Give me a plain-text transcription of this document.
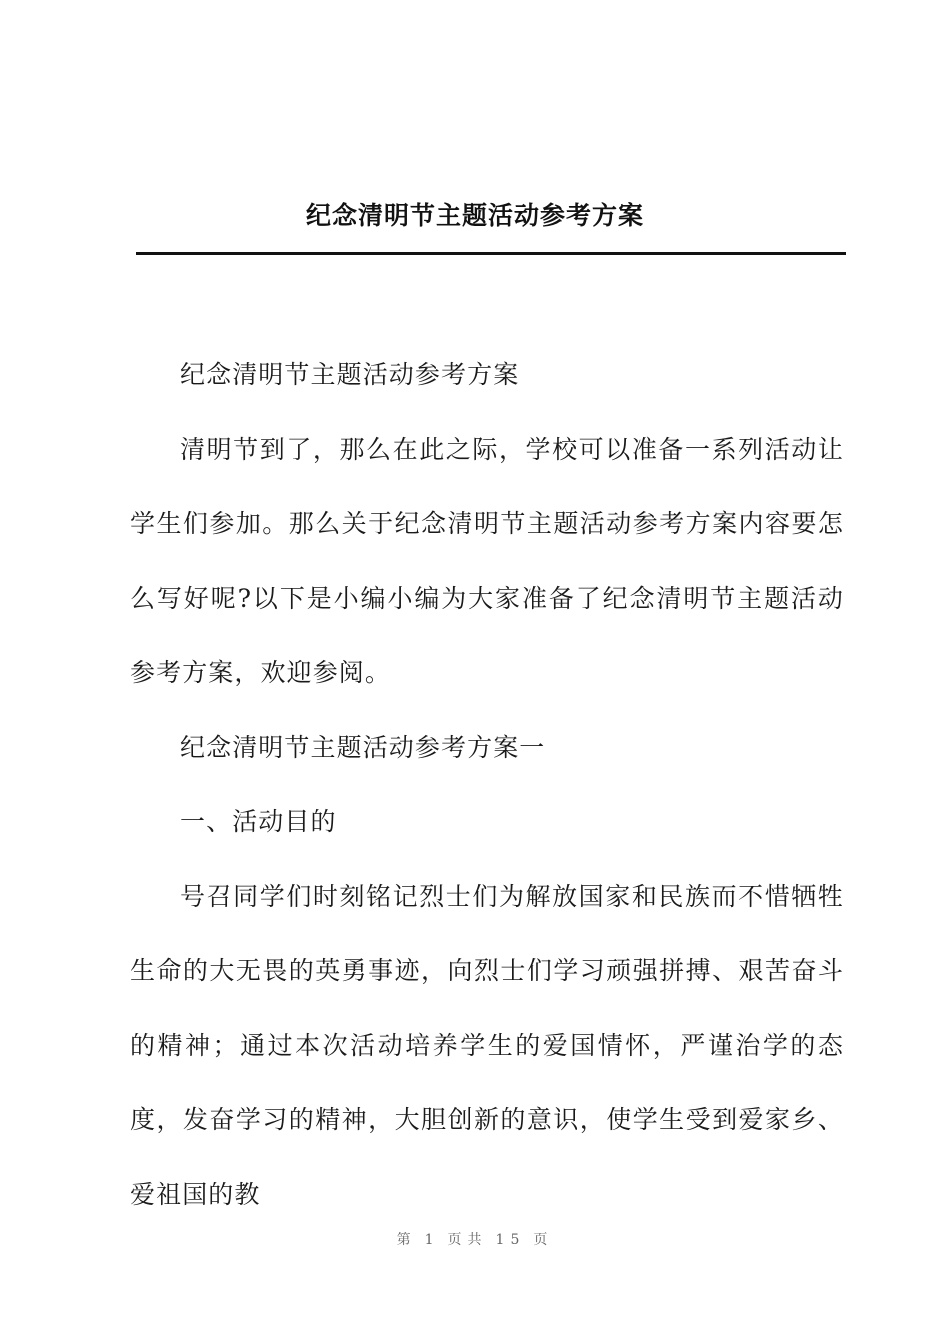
纪念清明节主题活动参考方案

纪念清明节主题活动参考方案

清明节到了，那么在此之际，学校可以准备一系列活动让学生们参加。那么关于纪念清明节主题活动参考方案内容要怎么写好呢?以下是小编小编为大家准备了纪念清明节主题活动参考方案，欢迎参阅。

纪念清明节主题活动参考方案一

一、活动目的

号召同学们时刻铭记烈士们为解放国家和民族而不惜牺牲生命的大无畏的英勇事迹，向烈士们学习顽强拼搏、艰苦奋斗的精神；通过本次活动培养学生的爱国情怀，严谨治学的态度，发奋学习的精神，大胆创新的意识，使学生受到爱家乡、爱祖国的教

第 1 页共 15 页
